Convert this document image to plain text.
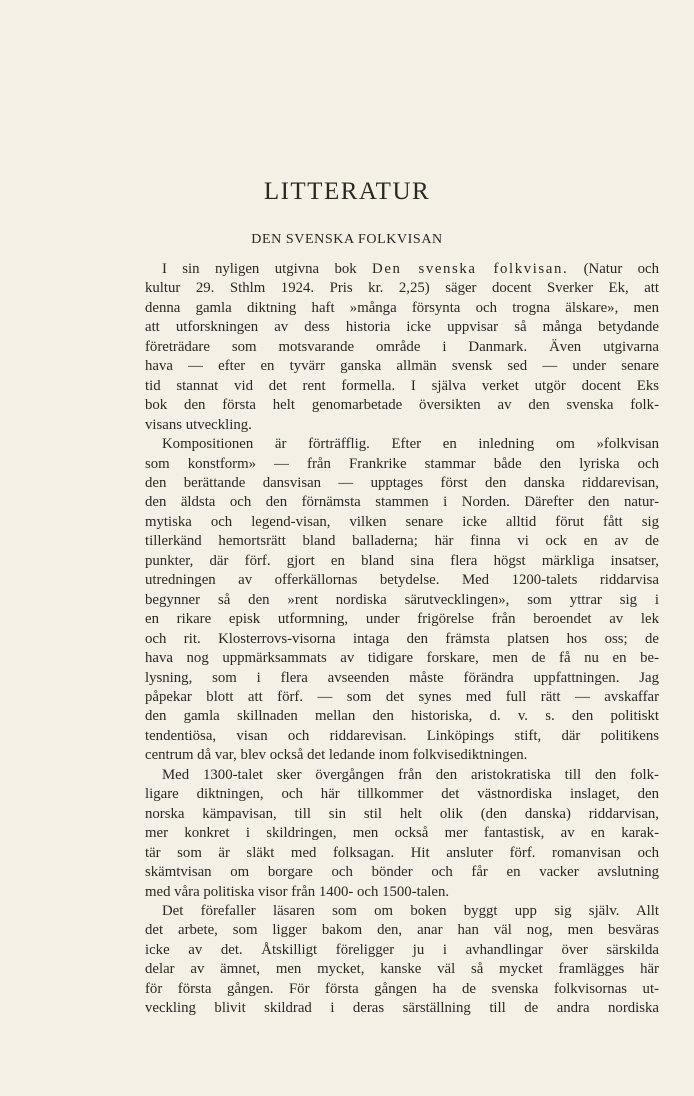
LITTERATUR
DEN SVENSKA FOLKVISAN
I sin nyligen utgivna bok Den svenska folkvisan. (Natur och
kultur 29. Sthlm 1924. Pris kr. 2,25) säger docent Sverker Ek, att
denna gamla diktning haft »många försynta och trogna älskare», men
att utforskningen av dess historia icke uppvisar så många betydande
företrädare som motsvarande område i Danmark. Även utgivarna
hava — efter en tyvärr ganska allmän svensk sed — under senare
tid stannat vid det rent formella. I själva verket utgör docent Eks
bok den första helt genomarbetade översikten av den svenska folk-
visans utveckling.
Kompositionen är förträfflig. Efter en inledning om »folkvisan
som konstform» — från Frankrike stammar både den lyriska och
den berättande dansvisan — upptages först den danska riddarevisan,
den äldsta och den förnämsta stammen i Norden. Därefter den natur-
mytiska och legend-visan, vilken senare icke alltid förut fått sig
tillerkänd hemortsrätt bland balladerna; här finna vi ock en av de
punkter, där förf. gjort en bland sina flera högst märkliga insatser,
utredningen av offerkällornas betydelse. Med 1200-talets riddarvisa
begynner så den »rent nordiska särutvecklingen», som yttrar sig i
en rikare episk utformning, under frigörelse från beroendet av lek
och rit. Klosterrovs-visorna intaga den främsta platsen hos oss; de
hava nog uppmärksammats av tidigare forskare, men de få nu en be-
lysning, som i flera avseenden måste förändra uppfattningen. Jag
påpekar blott att förf. — som det synes med full rätt — avskaffar
den gamla skillnaden mellan den historiska, d. v. s. den politiskt
tendentiösa, visan och riddarevisan. Linköpings stift, där politikens
centrum då var, blev också det ledande inom folkvisediktningen.
Med 1300-talet sker övergången från den aristokratiska till den folk-
ligare diktningen, och här tillkommer det västnordiska inslaget, den
norska kämpavisan, till sin stil helt olik (den danska) riddarvisan,
mer konkret i skildringen, men också mer fantastisk, av en karak-
tär som är släkt med folksagan. Hit ansluter förf. romanvisan och
skämtvisan om borgare och bönder och får en vacker avslutning
med våra politiska visor från 1400- och 1500-talen.
Det förefaller läsaren som om boken byggt upp sig själv. Allt
det arbete, som ligger bakom den, anar han väl nog, men besväras
icke av det. Åtskilligt föreligger ju i avhandlingar över särskilda
delar av ämnet, men mycket, kanske väl så mycket framlägges här
för första gången. För första gången ha de svenska folkvisornas ut-
veckling blivit skildrad i deras särställning till de andra nordiska
